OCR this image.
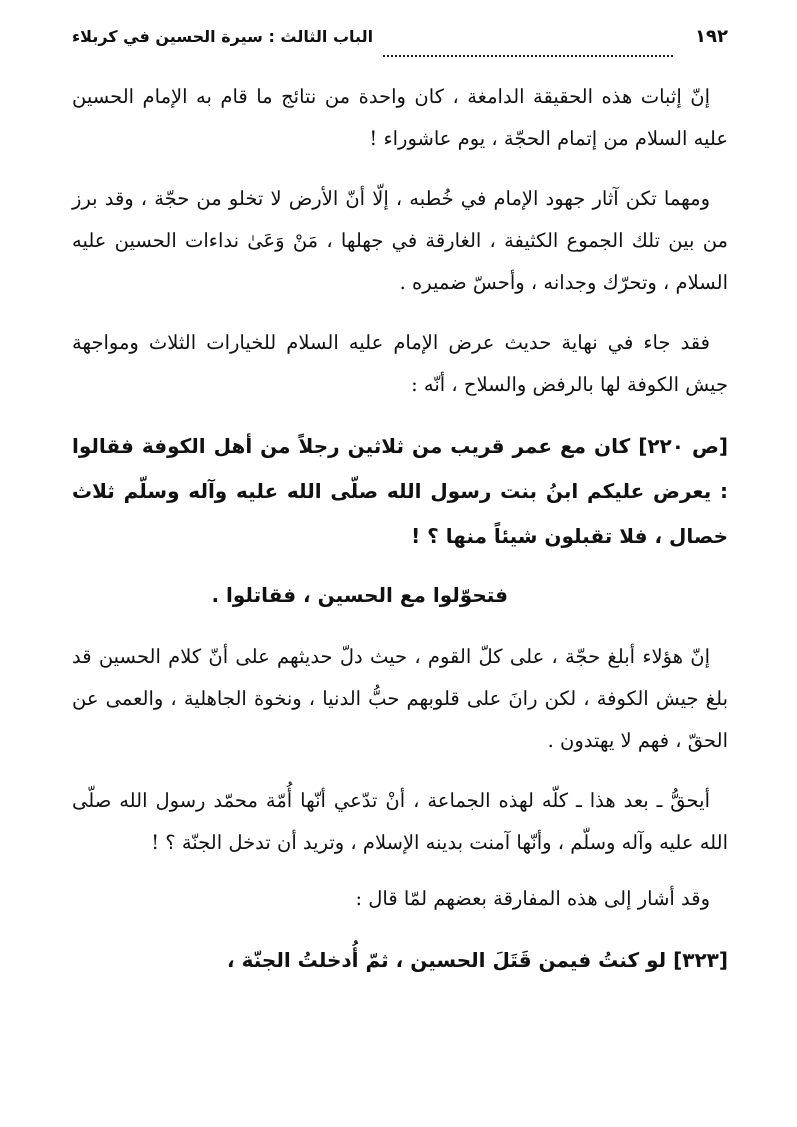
١٩٢
الباب الثالث : سيرة الحسين في كربلاء

إنّ إثبات هذه الحقيقة الدامغة ، كان واحدة من نتائج ما قام به الإمام الحسين عليه السلام من إتمام الحجّة ، يوم عاشوراء !

ومهما تكن آثار جهود الإمام في خُطبه ، إلّا أنّ الأرض لا تخلو من حجّة ، وقد برز من بين تلك الجموع الكثيفة ، الغارقة في جهلها ، مَنْ وَعَىٰ نداءات الحسين عليه السلام ، وتحرّك وجدانه ، وأحسّ ضميره .

فقد جاء في نهاية حديث عرض الإمام عليه السلام للخيارات الثلاث ومواجهة جيش الكوفة لها بالرفض والسلاح ، أنّه :

[ص ٢٢٠] كان مع عمر قريب من ثلاثين رجلاً من أهل الكوفة فقالوا : يعرض عليكم ابنُ بنت رسول الله صلّى الله عليه وآله وسلّم ثلاث خصال ، فلا تقبلون شيئاً منها ؟ !

فتحوّلوا مع الحسين ، فقاتلوا .

إنّ هؤلاء أبلغ حجّة ، على كلّ القوم ، حيث دلّ حديثهم على أنّ كلام الحسين قد بلغ جيش الكوفة ، لكن رانَ على قلوبهم حبُّ الدنيا ، ونخوة الجاهلية ، والعمى عن الحقّ ، فهم لا يهتدون .

أيحقُّ ـ بعد هذا ـ كلّه لهذه الجماعة ، أنْ تدّعي أنّها أُمّة محمّد رسول الله صلّى الله عليه وآله وسلّم ، وأنّها آمنت بدينه الإسلام ، وتريد أن تدخل الجنّة ؟ !

وقد أشار إلى هذه المفارقة بعضهم لمّا قال :

[٣٢٣] لو كنتُ فيمن قَتَلَ الحسين ، ثمّ أُدخلتُ الجنّة ،
